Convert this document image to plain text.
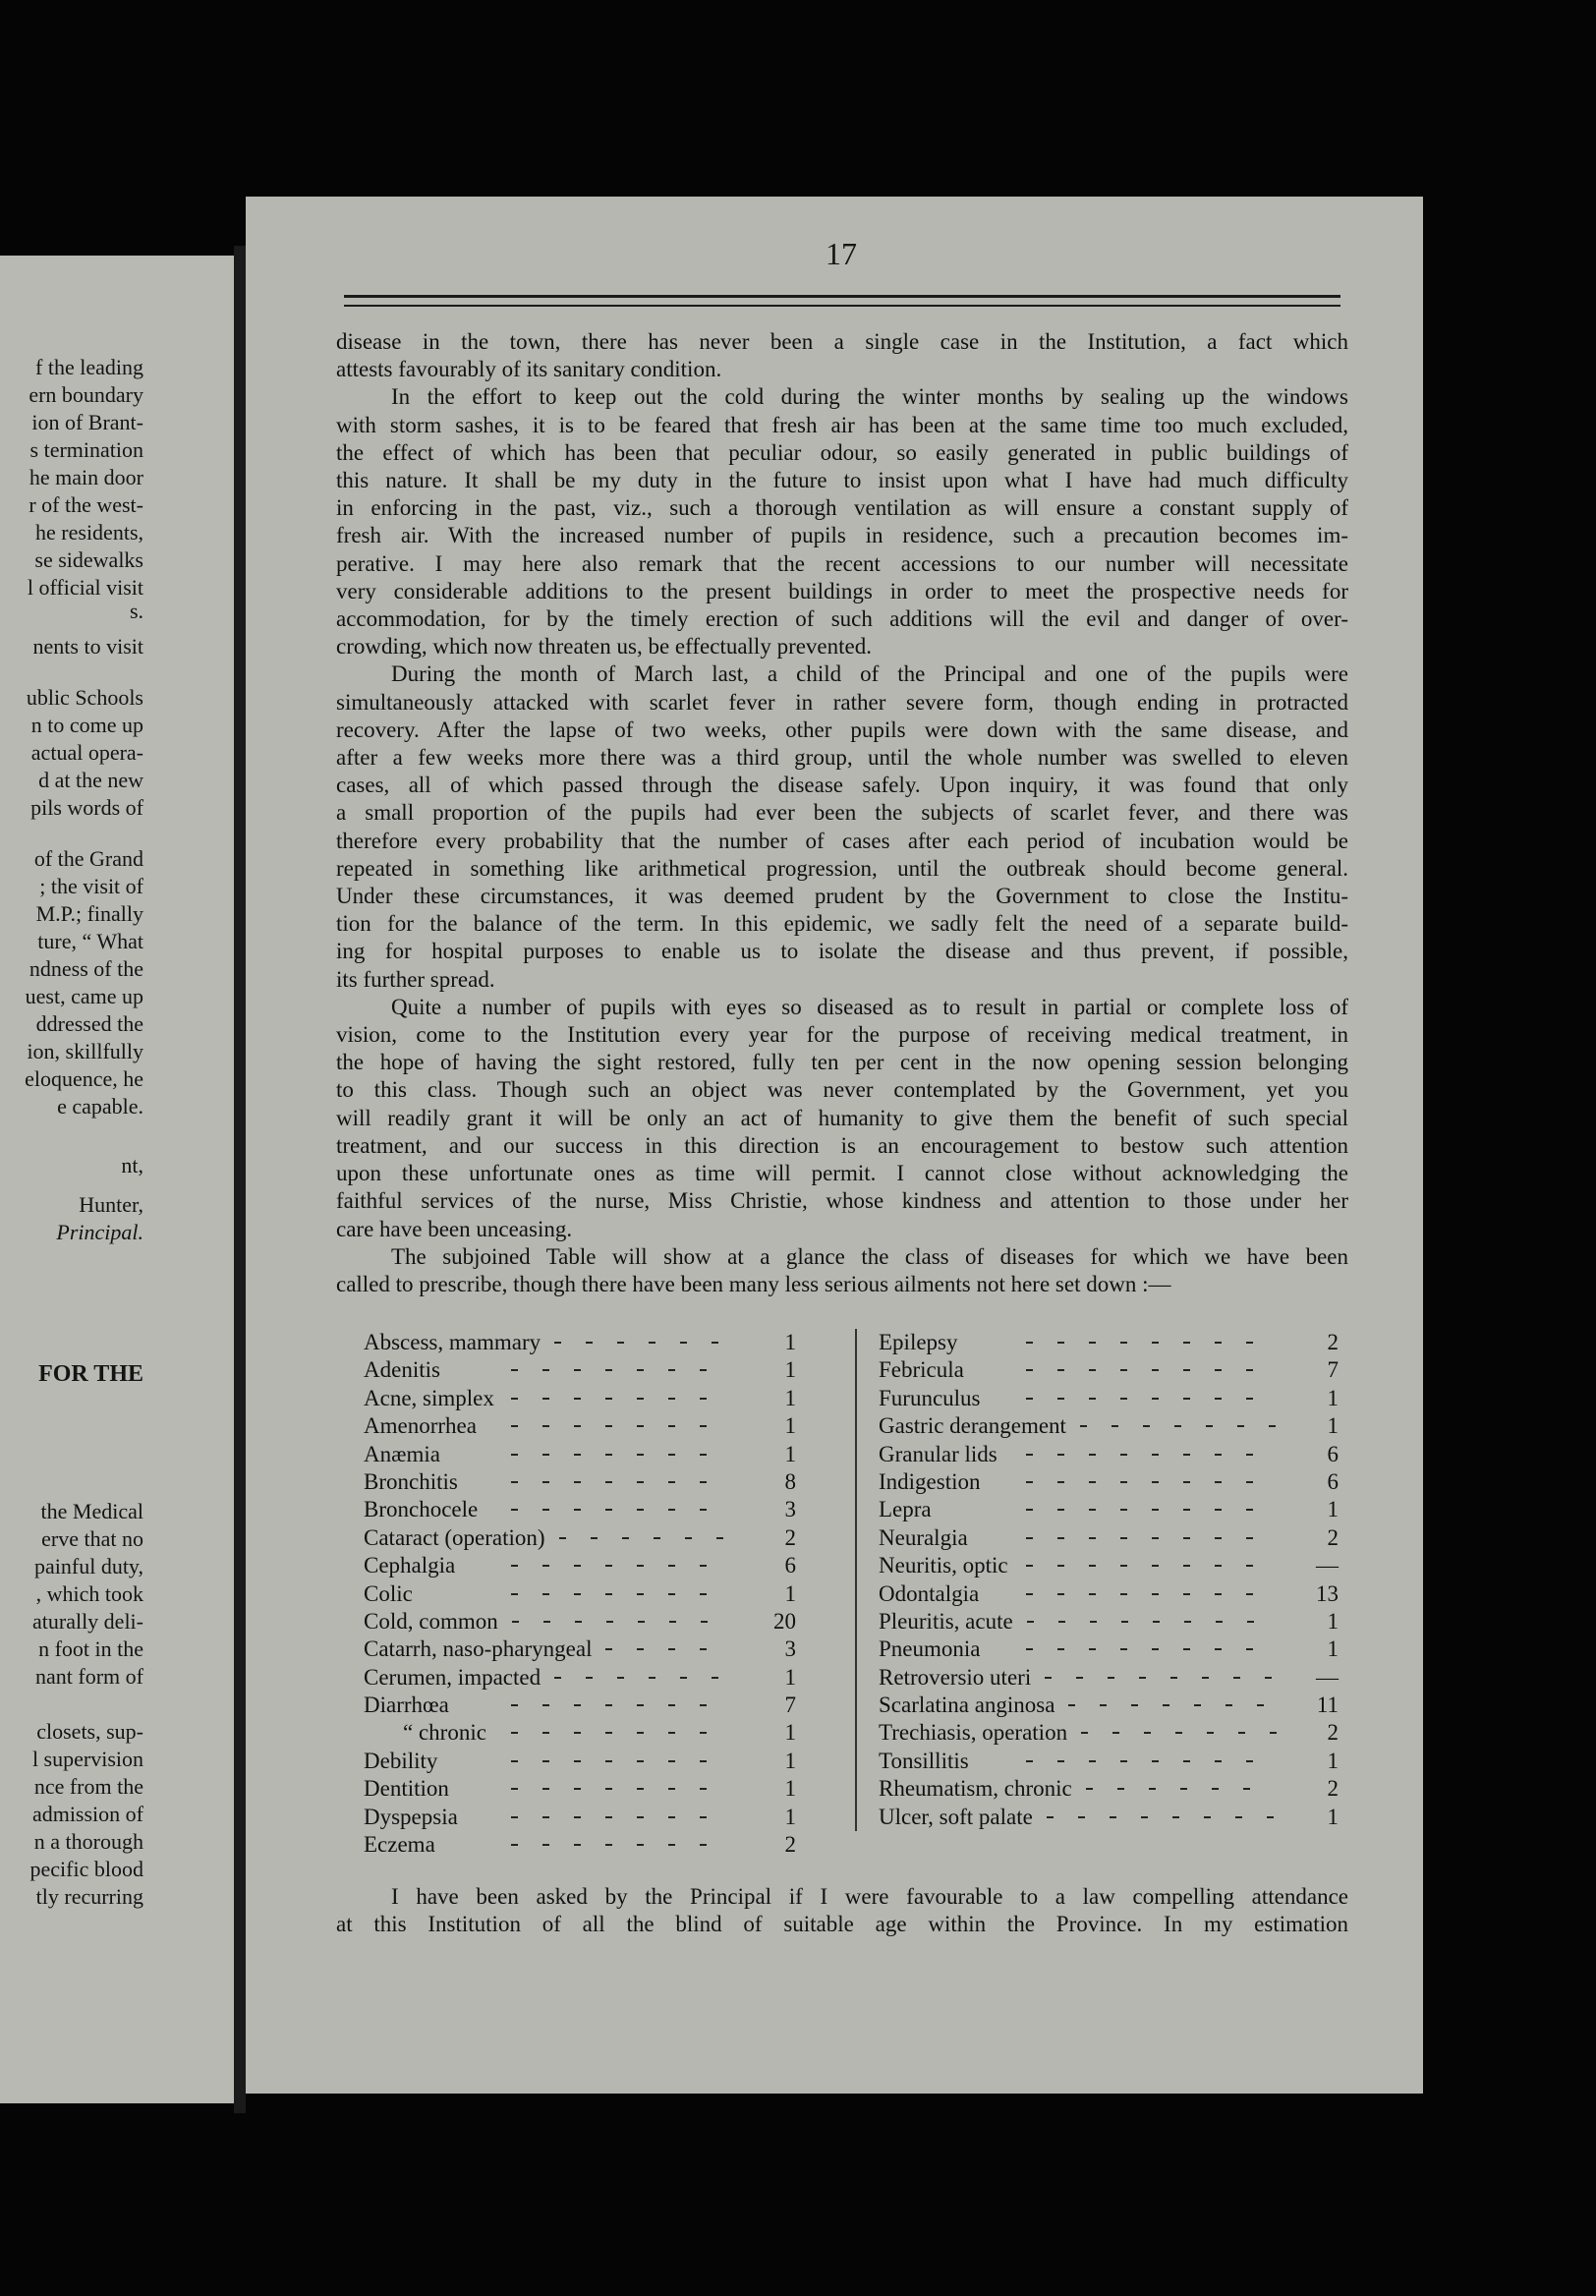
f the leading
ern boundary
ion of Brant-
s termination
he main door
r of the west-
he residents,
se sidewalks
l official visit
s.
nents to visit
ublic Schools
n to come up
actual opera-
d at the new
pils words of
of the Grand
; the visit of
M.P.; finally
ture, “ What
ndness of the
uest, came up
ddressed the
ion, skillfully
eloquence, he
e capable.
nt,
Hunter,
Principal.
FOR THE
the Medical
erve that no
painful duty,
, which took
aturally deli-
n foot in the
nant form of
closets, sup-
l supervision
nce from the
admission of
n a thorough
pecific blood
tly recurring
17
disease in the town, there has never been a single case in the Institution, a fact which
attests favourably of its sanitary condition.
In the effort to keep out the cold during the winter months by sealing up the windows
with storm sashes, it is to be feared that fresh air has been at the same time too much excluded,
the effect of which has been that peculiar odour, so easily generated in public buildings of
this nature. It shall be my duty in the future to insist upon what I have had much difficulty
in enforcing in the past, viz., such a thorough ventilation as will ensure a constant supply of
fresh air. With the increased number of pupils in residence, such a precaution becomes im-
perative. I may here also remark that the recent accessions to our number will necessitate
very considerable additions to the present buildings in order to meet the prospective needs for
accommodation, for by the timely erection of such additions will the evil and danger of over-
crowding, which now threaten us, be effectually prevented.
During the month of March last, a child of the Principal and one of the pupils were
simultaneously attacked with scarlet fever in rather severe form, though ending in protracted
recovery. After the lapse of two weeks, other pupils were down with the same disease, and
after a few weeks more there was a third group, until the whole number was swelled to eleven
cases, all of which passed through the disease safely. Upon inquiry, it was found that only
a small proportion of the pupils had ever been the subjects of scarlet fever, and there was
therefore every probability that the number of cases after each period of incubation would be
repeated in something like arithmetical progression, until the outbreak should become general.
Under these circumstances, it was deemed prudent by the Government to close the Institu-
tion for the balance of the term. In this epidemic, we sadly felt the need of a separate build-
ing for hospital purposes to enable us to isolate the disease and thus prevent, if possible,
its further spread.
Quite a number of pupils with eyes so diseased as to result in partial or complete loss of
vision, come to the Institution every year for the purpose of receiving medical treatment, in
the hope of having the sight restored, fully ten per cent in the now opening session belonging
to this class. Though such an object was never contemplated by the Government, yet you
will readily grant it will be only an act of humanity to give them the benefit of such special
treatment, and our success in this direction is an encouragement to bestow such attention
upon these unfortunate ones as time will permit. I cannot close without acknowledging the
faithful services of the nurse, Miss Christie, whose kindness and attention to those under her
care have been unceasing.
The subjoined Table will show at a glance the class of diseases for which we have been
called to prescribe, though there have been many less serious ailments not here set down :—
Abscess, mammary	1
Adenitis	1
Acne, simplex	1
Amenorrhea	1
Anæmia	1
Bronchitis	8
Bronchocele	3
Cataract (operation)	2
Cephalgia	6
Colic	1
Cold, common	20
Catarrh, naso-pharyngeal	3
Cerumen, impacted	1
Diarrhœa	7
“ chronic	1
Debility	1
Dentition	1
Dyspepsia	1
Eczema	2
Epilepsy	2
Febricula	7
Furunculus	1
Gastric derangement	1
Granular lids	6
Indigestion	6
Lepra	1
Neuralgia	2
Neuritis, optic	—
Odontalgia	13
Pleuritis, acute	1
Pneumonia	1
Retroversio uteri	—
Scarlatina anginosa	11
Trechiasis, operation	2
Tonsillitis	1
Rheumatism, chronic	2
Ulcer, soft palate	1
I have been asked by the Principal if I were favourable to a law compelling attendance
at this Institution of all the blind of suitable age within the Province. In my estimation
